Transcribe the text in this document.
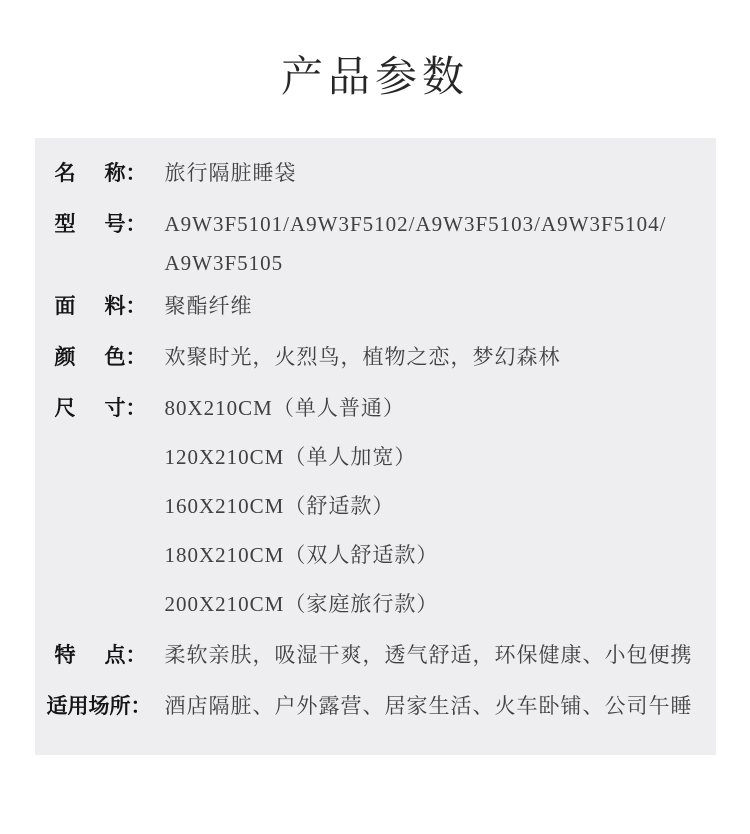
产品参数
名 称： 旅行隔脏睡袋
型 号： A9W3F5101/A9W3F5102/A9W3F5103/A9W3F5104/
A9W3F5105
面 料： 聚酯纤维
颜 色： 欢聚时光，火烈鸟，植物之恋，梦幻森林
尺 寸： 80X210CM（单人普通）
120X210CM（单人加宽）
160X210CM（舒适款）
180X210CM（双人舒适款）
200X210CM（家庭旅行款）
特 点： 柔软亲肤，吸湿干爽，透气舒适，环保健康、小包便携
适用场所： 酒店隔脏、户外露营、居家生活、火车卧铺、公司午睡
